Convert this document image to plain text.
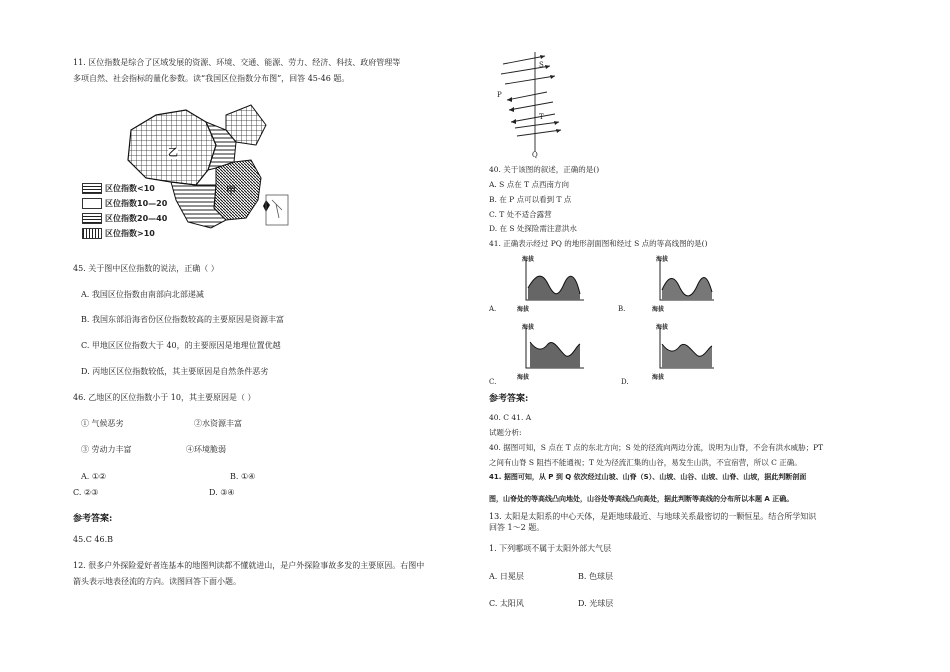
11. 区位指数是综合了区域发展的资源、环境、交通、能源、劳力、经济、科技、政府管理等
多项自然、社会指标的量化参数。读“我国区位指数分布图”，回答 45-46 题。
区位指数<10
区位指数10—20
区位指数20—40
区位指数>10
甲
乙
45. 关于图中区位指数的说法，正确（ ）
A. 我国区位指数由南部向北部递减
B. 我国东部沿海省份区位指数较高的主要原因是资源丰富
C. 甲地区区位指数大于 40，的主要原因是地理位置优越
D. 丙地区区位指数较低，其主要原因是自然条件恶劣
46. 乙地区的区位指数小于 10，其主要原因是（ ）
① 气候恶劣	②水资源丰富
③ 劳动力丰富	④环境脆弱
A. ①②	B. ①④
C. ②③	D. ③④
参考答案:
45.C 46.B
12. 很多户外探险爱好者连基本的地图判读都不懂就进山，是户外探险事故多发的主要原因。右图中
箭头表示地表径流的方向。读图回答下面小题。
P
S
T
Q
40. 关于该图的叙述，正确的是()
A. S 点在 T 点西南方向
B. 在 P 点可以看到 T 点
C. T 处不适合露营
D. 在 S 处探险需注意洪水
41. 正确表示经过 PQ 的地形剖面图和经过 S 点的等高线图的是()
海拔
海拔
A.
海拔
海拔
B.
海拔
海拔
C.
海拔
海拔
D.
参考答案:
40. C 41. A
试题分析:
40. 据图可知，S 点在 T 点的东北方向；S 处的径流向两边分流，说明为山脊，不会有洪水威胁；PT
之间有山脊 S 阻挡不能通视；T 处为径流汇集的山谷，易发生山洪，不宜宿营，所以 C 正确。
41. 据图可知，从 P 到 Q 依次经过山坡、山脊（S）、山坡、山谷、山坡、山脊、山坡，据此判断剖面
图，山脊处的等高线凸向地处，山谷处等高线凸向高处，据此判断等高线的分布所以本题 A 正确。
13. 太阳是太阳系的中心天体，是距地球最近、与地球关系最密切的一颗恒星。结合所学知识
回答 1～2 题。
1. 下列哪项不属于太阳外部大气层
A. 日冕层	B. 色球层
C. 太阳风	D. 光球层
